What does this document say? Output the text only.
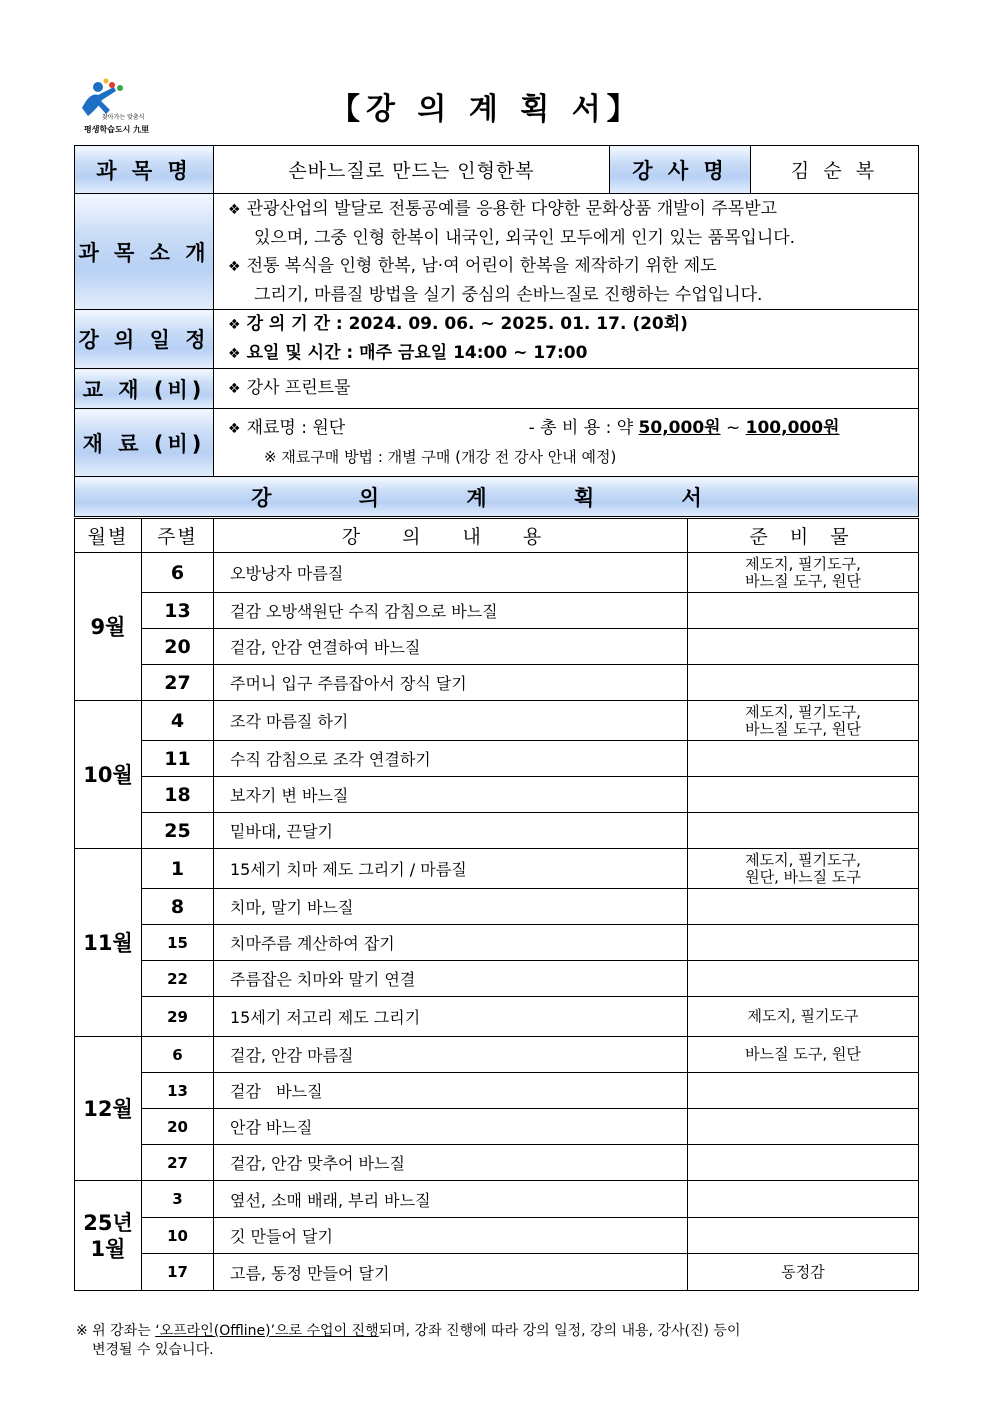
찾아가는 맞춤식
평생학습도시 九里
【강 의 계 획 서】
과 목 명	손바느질로 만드는 인형한복	강 사 명	김 순 복
과 목 소 개	❖ 관광산업의 발달로 전통공예를 응용한 다양한 문화상품 개발이 주목받고

있으며, 그중 인형 한복이 내국인, 외국인 모두에게 인기 있는 품목입니다.

❖ 전통 복식을 인형 한복, 남·여 어린이 한복을 제작하기 위한 제도

그리기, 마름질 방법을 실기 중심의 손바느질로 진행하는 수업입니다.		

강 의 일 정	❖ 강 의 기 간 : 2024. 09. 06. ~ 2025. 01. 17. (20회)

❖ 요일 및 시간 : 매주 금요일 14:00 ~ 17:00		

교 재 (비)	❖ 강사 프린트물		
재 료 (비)	❖ 재료명 : 원단 - 총 비 용 : 약 50,000원 ~ 100,000원

※ 재료구매 방법 : 개별 구매 (개강 전 강사 안내 예정)		

강 의 계 획 서			
월별	주별	강 의 내 용	준 비 물
9월	6	오방낭자 마름질	제도지, 필기도구,
바느질 도구, 원단

	13	겉감 오방색원단 수직 감침으로 바느질	
	20	겉감, 안감 연결하여 바느질	
	27	주머니 입구 주름잡아서 장식 달기	
10월	4	조각 마름질 하기	제도지, 필기도구,
바느질 도구, 원단

	11	수직 감침으로 조각 연결하기	
	18	보자기 변 바느질	
	25	밑바대, 끈달기	
11월	1	15세기 치마 제도 그리기 / 마름질	제도지, 필기도구,
원단, 바느질 도구

	8	치마, 말기 바느질	
	15	치마주름 계산하여 잡기	
	22	주름잡은 치마와 말기 연결	
	29	15세기 저고리 제도 그리기	제도지, 필기도구
12월	6	겉감, 안감 마름질	바느질 도구, 원단
	13	겉감   바느질	
	20	안감 바느질	
	27	겉감, 안감 맞추어 바느질	

25년
1월	3	옆선, 소매 배래, 부리 바느질	
	10	깃 만들어 달기	
	17	고름, 동정 만들어 달기	동정감
※ 위 강좌는 ‘오프라인(Offline)’으로 수업이 진행되며, 강좌 진행에 따라 강의 일정, 강의 내용, 강사(진) 등이
변경될 수 있습니다.
